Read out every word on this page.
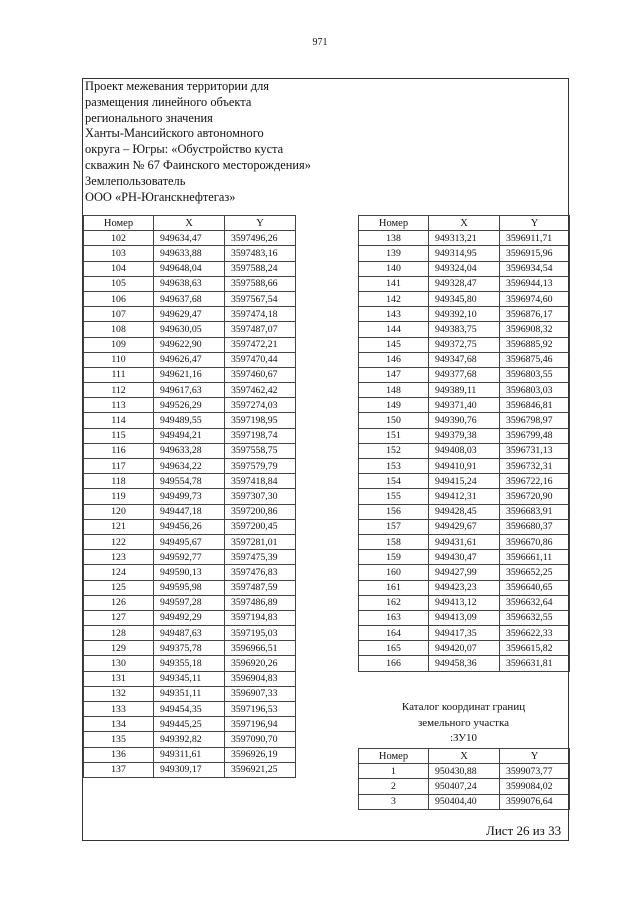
971
Проект межевания территории для
размещения линейного объекта
регионального значения
Ханты-Мансийского автономного
округа – Югры: «Обустройство куста
скважин № 67 Фаинского месторождения»
Землепользователь
ООО «РН-Юганскнефтегаз»
Номер	X	Y
102	949634,47	3597496,26
103	949633,88	3597483,16
104	949648,04	3597588,24
105	949638,63	3597588,66
106	949637,68	3597567,54
107	949629,47	3597474,18
108	949630,05	3597487,07
109	949622,90	3597472,21
110	949626,47	3597470,44
111	949621,16	3597460,67
112	949617,63	3597462,42
113	949526,29	3597274,03
114	949489,55	3597198,95
115	949494,21	3597198,74
116	949633,28	3597558,75
117	949634,22	3597579,79
118	949554,78	3597418,84
119	949499,73	3597307,30
120	949447,18	3597200,86
121	949456,26	3597200,45
122	949495,67	3597281,01
123	949592,77	3597475,39
124	949590,13	3597476,83
125	949595,98	3597487,59
126	949597,28	3597486,89
127	949492,29	3597194,83
128	949487,63	3597195,03
129	949375,78	3596966,51
130	949355,18	3596920,26
131	949345,11	3596904,83
132	949351,11	3596907,33
133	949454,35	3597196,53
134	949445,25	3597196,94
135	949392,82	3597090,70
136	949311,61	3596926,19
137	949309,17	3596921,25
Номер	X	Y
138	949313,21	3596911,71
139	949314,95	3596915,96
140	949324,04	3596934,54
141	949328,47	3596944,13
142	949345,80	3596974,60
143	949392,10	3596876,17
144	949383,75	3596908,32
145	949372,75	3596885,92
146	949347,68	3596875,46
147	949377,68	3596803,55
148	949389,11	3596803,03
149	949371,40	3596846,81
150	949390,76	3596798,97
151	949379,38	3596799,48
152	949408,03	3596731,13
153	949410,91	3596732,31
154	949415,24	3596722,16
155	949412,31	3596720,90
156	949428,45	3596683,91
157	949429,67	3596680,37
158	949431,61	3596670,86
159	949430,47	3596661,11
160	949427,99	3596652,25
161	949423,23	3596640,65
162	949413,12	3596632,64
163	949413,09	3596632,55
164	949417,35	3596622,33
165	949420,07	3596615,82
166	949458,36	3596631,81
Каталог координат границ
земельного участка
:ЗУ10
Номер	X	Y
1	950430,88	3599073,77
2	950407,24	3599084,02
3	950404,40	3599076,64
Лист 26 из 33
